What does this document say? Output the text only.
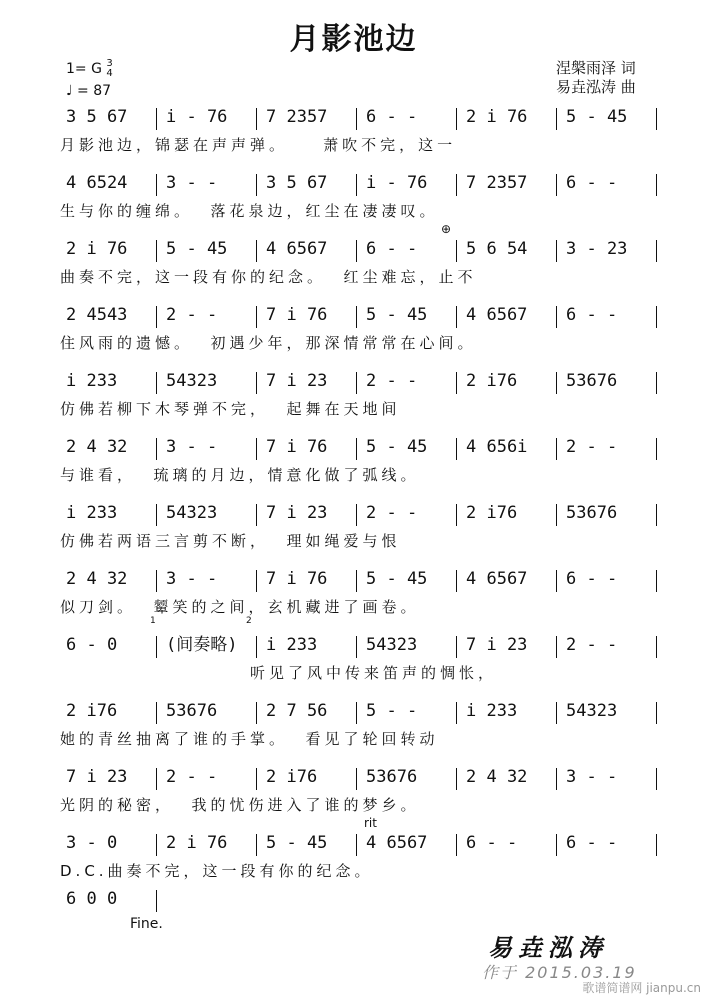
月影池边
1= G 3
4
♩ = 87
涅槃雨泽 词
易垚泓涛 曲
3 5 67 i - 76 7 2357 6 - -	2 i 76 5 - 45
月影池边，锦瑟在声声弹。    萧吹不完，这一
4 6524 3 - -	3 5 67 i - 76 7 2357 6 - -
生与你的缠绵。  落花泉边，红尘在凄凄叹。
2 i 76 5 - 45 4 6567 6 - -	5 6 54 3 - 23
曲奏不完，这一段有你的纪念。  红尘难忘，止不
2 4543 2 - -	7 i 76 5 - 45 4 6567 6 - -
住风雨的遗憾。  初遇少年，那深情常常在心间。
i 233	54323	7 i 23 2 - -	2 i76	53676
仿佛若柳下木琴弹不完，  起舞在天地间
2 4 32 3 - -	7 i 76 5 - 45 4 656i 2 - -
与谁看，  琉璃的月边，情意化做了弧线。
i 233	54323	7 i 23 2 - -	2 i76	53676
仿佛若两语三言剪不断，  理如绳爱与恨
2 4 32 3 - -	7 i 76 5 - 45 4 6567 6 - -
似刀剑。  颦笑的之间，玄机藏进了画卷。
6 - 0	(间奏略) i 233	54323	7 i 23 2 - -
听见了风中传来笛声的惆怅，
2 i76	53676	2 7 56 5 - -	i 233	54323
她的青丝抽离了谁的手掌。  看见了轮回转动
7 i 23 2 - -	2 i76	53676	2 4 32 3 - -
光阴的秘密，  我的忧伤进入了谁的梦乡。
3 - 0	2 i 76 5 - 45 4 6567 6 - -	6 - -
D.C.曲奏不完，这一段有你的纪念。
6 0 0
⊕
rit
1	2
Fine.
易垚泓涛
作于 2015.03.19
歌谱简谱网 jianpu.cn
